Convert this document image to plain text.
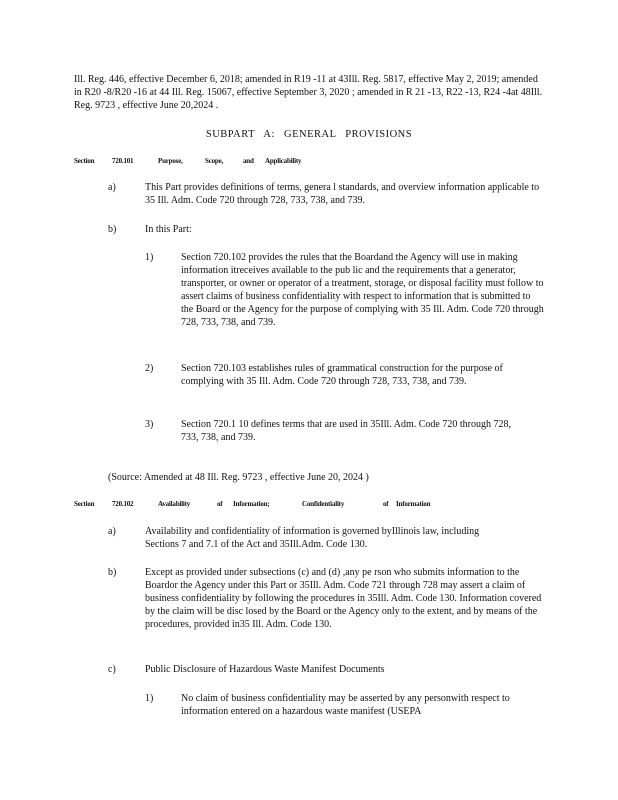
Ill. Reg. 446, effective December 6, 2018; amended in R19 -11 at 43Ill. Reg. 5817, effective May 2, 2019; amended in R20 -8/R20 -16 at 44 Ill. Reg. 15067, effective September 3, 2020 ; amended in R 21 -13, R22 -13, R24 -4at 48Ill. Reg. 9723 , effective June 20,2024 .

SUBPART A: GENERAL PROVISIONS

Section	720.101	Purpose,	Scope,	and Applicability
a)	This Part provides definitions of terms, genera l standards, and overview information applicable to 35 Ill. Adm. Code 720 through 728, 733, 738, and 739.

b)	In this Part:

1)	Section 720.102 provides the rules that the Boardand the Agency will use in making information itreceives available to the pub lic and the requirements that a generator, transporter, or owner or operator of a treatment, storage, or disposal facility must follow to assert claims of business confidentiality with respect to information that is submitted to the Board or the Agency for the purpose of complying with 35 Ill. Adm. Code 720 through 728, 733, 738, and 739.

2)	Section 720.103 establishes rules of grammatical construction for the purpose of complying with 35 Ill. Adm. Code 720 through 728, 733, 738, and 739.

3)	Section 720.1 10 defines terms that are used in 35Ill. Adm. Code 720 through 728, 733, 738, and 739.

(Source: Amended at 48 Ill. Reg. 9723 , effective June 20, 2024 )

Section	720.102	Availability	of Information;	Confidentiality	of Information
a)	Availability and confidentiality of information is governed byIllinois law, including Sections 7 and 7.1 of the Act and 35Ill.Adm. Code 130.

b)	Except as provided under subsections (c) and (d) ,any pe rson who submits information to the Boardor the Agency under this Part or 35Ill. Adm. Code 721 through 728 may assert a claim of business confidentiality by following the procedures in 35Ill. Adm. Code 130. Information covered by the claim will be disc losed by the Board or the Agency only to the extent, and by means of the procedures, provided in35 Ill. Adm. Code 130.

c)	Public Disclosure of Hazardous Waste Manifest Documents

1)	No claim of business confidentiality may be asserted by any personwith respect to information entered on a hazardous waste manifest (USEPA
